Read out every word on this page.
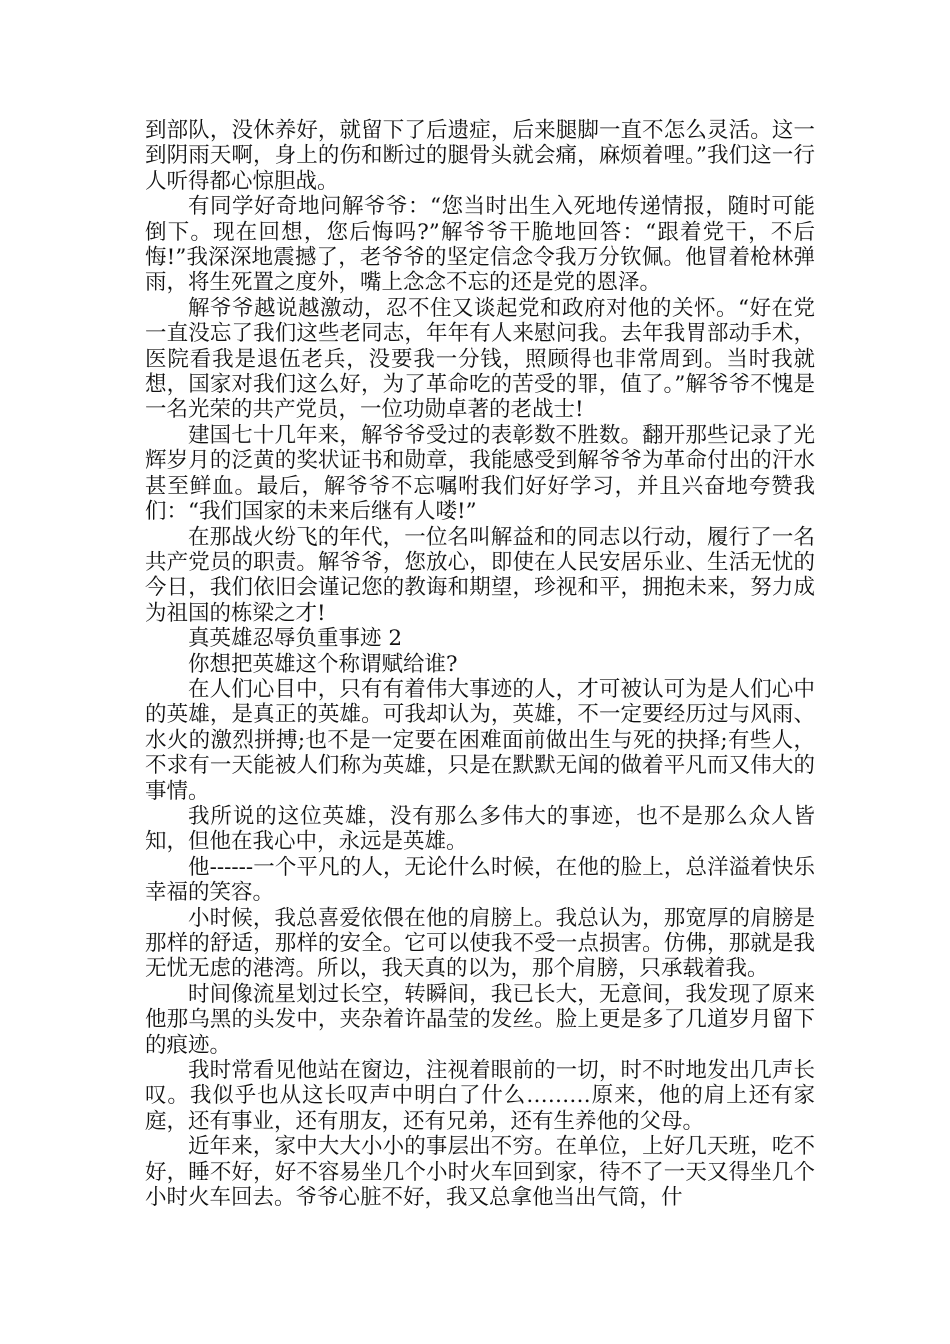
到部队，没休养好，就留下了后遗症，后来腿脚一直不怎么灵活。这一到阴雨天啊，身上的伤和断过的腿骨头就会痛，麻烦着哩。”我们这一行人听得都心惊胆战。

有同学好奇地问解爷爷：“您当时出生入死地传递情报，随时可能倒下。现在回想，您后悔吗?”解爷爷干脆地回答：“跟着党干，不后悔!”我深深地震撼了，老爷爷的坚定信念令我万分钦佩。他冒着枪林弹雨，将生死置之度外，嘴上念念不忘的还是党的恩泽。

解爷爷越说越激动，忍不住又谈起党和政府对他的关怀。“好在党一直没忘了我们这些老同志，年年有人来慰问我。去年我胃部动手术，医院看我是退伍老兵，没要我一分钱，照顾得也非常周到。当时我就想，国家对我们这么好，为了革命吃的苦受的罪，值了。”解爷爷不愧是一名光荣的共产党员，一位功勋卓著的老战士!

建国七十几年来，解爷爷受过的表彰数不胜数。翻开那些记录了光辉岁月的泛黄的奖状证书和勋章，我能感受到解爷爷为革命付出的汗水甚至鲜血。最后，解爷爷不忘嘱咐我们好好学习，并且兴奋地夸赞我们：“我们国家的未来后继有人喽!”

在那战火纷飞的年代，一位名叫解益和的同志以行动，履行了一名共产党员的职责。解爷爷，您放心，即使在人民安居乐业、生活无忧的今日，我们依旧会谨记您的教诲和期望，珍视和平，拥抱未来，努力成为祖国的栋梁之才!

真英雄忍辱负重事迹 2

你想把英雄这个称谓赋给谁?

在人们心目中，只有有着伟大事迹的人，才可被认可为是人们心中的英雄，是真正的英雄。可我却认为，英雄，不一定要经历过与风雨、水火的激烈拼搏;也不是一定要在困难面前做出生与死的抉择;有些人，不求有一天能被人们称为英雄，只是在默默无闻的做着平凡而又伟大的事情。

我所说的这位英雄，没有那么多伟大的事迹，也不是那么众人皆知，但他在我心中，永远是英雄。

他------一个平凡的人，无论什么时候，在他的脸上，总洋溢着快乐幸福的笑容。

小时候，我总喜爱依偎在他的肩膀上。我总认为，那宽厚的肩膀是那样的舒适，那样的安全。它可以使我不受一点损害。仿佛，那就是我无忧无虑的港湾。所以，我天真的以为，那个肩膀，只承载着我。

时间像流星划过长空，转瞬间，我已长大，无意间，我发现了原来他那乌黑的头发中，夹杂着许晶莹的发丝。脸上更是多了几道岁月留下的痕迹。

我时常看见他站在窗边，注视着眼前的一切，时不时地发出几声长叹。我似乎也从这长叹声中明白了什么………原来，他的肩上还有家庭，还有事业，还有朋友，还有兄弟，还有生养他的父母。

近年来，家中大大小小的事层出不穷。在单位，上好几天班，吃不好，睡不好，好不容易坐几个小时火车回到家，待不了一天又得坐几个小时火车回去。爷爷心脏不好，我又总拿他当出气筒，什
